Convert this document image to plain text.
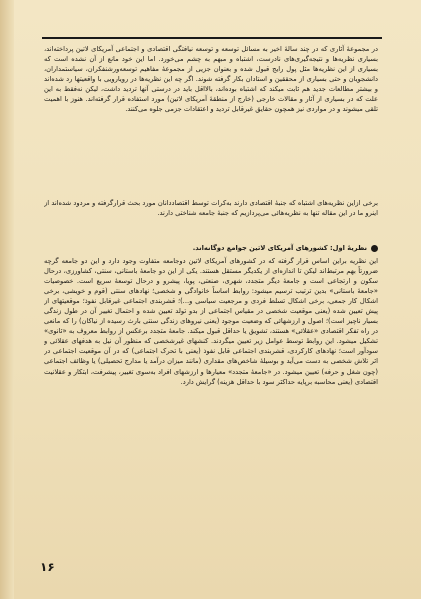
در مجموعهٔ آثاری که در چند سالهٔ اخیر به مسائل توسعه و توسعه نیافتگی اقتصادی و اجتماعی آمریکای لاتین پرداخته‌اند، بسیاری نظریه‌ها و نتیجه‌گیری‌های نادرست، اشتباه و مبهم به چشم می‌خورد. اما این خود مانع از آن نشده است که بسیاری از این نظریه‌ها مثل پول رایج قبول شده و بعنوان جزیی از مجموعهٔ مفاهیم توسعه‌ورشنفکران، سیاستمداران، دانشجویان و حتی بسیاری از محققین و استادان بکار گرفته شوند. اگر چه این نظریه‌ها در رویارویی با واقعیتها رد شده‌اند و بیشتر مطالعات جدید هم ثابت میکند که اشتباه بوده‌اند، بالااقل باید در درستی آنها تردید داشت، لیکن نه‌فقط به این علت که در بسیاری از آثار و مقالات خارجی (خارج از منطقهٔ آمریکای لاتین) مورد استفاده قرار گرفته‌اند. هنوز با اهمیت تلقی میشوند و در مواردی نیز همچون حقایق غیرقابل تردید و اعتقادات جزمی جلوه می‌کنند.

برخی ازاین نظریه‌های اشتباه که جنبهٔ اقتصادی دارند به‌کرات توسط اقتصاددانان مورد بحث قرارگرفته و مردود شده‌اند از اینرو ما در این مقاله تنها به نظریه‌هائی می‌پردازیم که جنبهٔ جامعه شناختی دارند.

نظریهٔ اول: کشورهای آمریکای لاتین جوامع دوگانه‌اند.

این نظریه براین اساس قرار گرفته که در کشورهای آمریکای لاتین دوجامعه متفاوت وجود دارد و این دو جامعه گرچه ضرورتاً بهم مرتبط‌اند لیکن تا اندازه‌ای از یکدیگر مستقل هستند. یکی از این دو جامعهٔ باستانی، سنتی، کشاورزی، درحال سکون و ارتجاعی است و جامعهٔ دیگر متجدد، شهری، صنعتی، پویا، پیشرو و درحال توسعهٔ سریع است. خصوصیات «جامعهٔ باستانی» بدین ترتیب ترسیم میشود: روابط اساساً خانوادگی و شخصی؛ نهادهای سنتی (قوم و خویشی، برخی اشکال کار جمعی، برخی اشکال تسلط فردی و مرجعیت سیاسی و...)؛ قشربندی اجتماعی غیرقابل نفوذ؛ موقعیتهای از پیش تعیین شده (یعنی موقعیت شخصی در مقیاس اجتماعی از بدو تولد تعیین شده و احتمال تغییر آن در طول زندگی بسیار ناچیز است)؛ اصول و ارزشهائی که وضعیت موجود (یعنی نیروهای زندگی سنتی بارث رسیده از نیاکان) را که مانعی در راه تفکر اقتصادی «عقلائی» هستند، تشویق یا حداقل قبول میکند. جامعهٔ متجدد برعکس از روابط معروف به «ثانوی» تشکیل میشود. این روابط توسط عوامل زیر تعیین میگردند. کنشهای غیرشخصی که منظور آن نیل به هدفهای عقلائی و سودآور است؛ نهادهای کارکردی، قشربندی اجتماعی قابل نفوذ (یعنی با تحرک اجتماعی) که در آن موقعیت اجتماعی در اثر تلاش شخصی به دست می‌آید و بوسیلهٔ شاخص‌های مقداری (مانند میزان درآمد یا مدارج تحصیلی) یا وظائف اجتماعی (چون شغل و حرفه) تعیین میشود. در «جامعهٔ متجدد» معیارها و ارزشهای افراد به‌سوی تغییر، پیشرفت، ابتکار و عقلانیت اقتصادی (یعنی محاسبه برپایه حداکثر سود با حداقل هزینه) گرایش دارد.

۱۶
